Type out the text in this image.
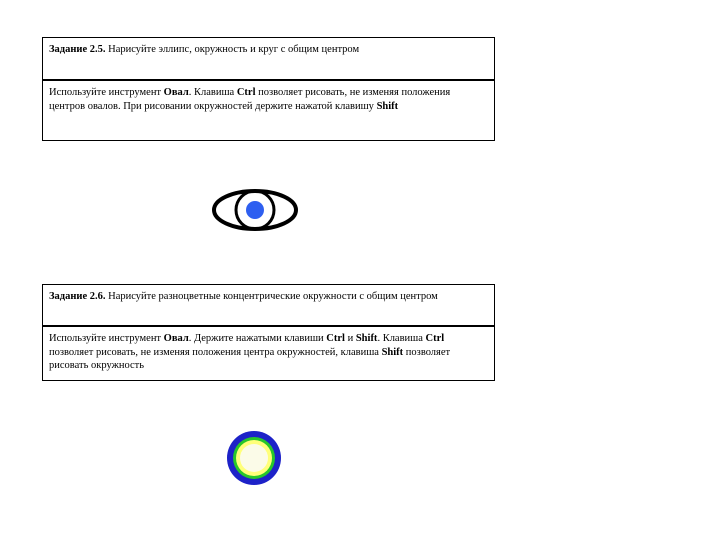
Задание 2.5. Нарисуйте эллипс, окружность и круг с общим центром
Используйте инструмент Овал. Клавиша Ctrl позволяет рисовать, не изменяя положения центров овалов. При рисовании окружностей держите нажатой клавишу Shift
Задание 2.6. Нарисуйте разноцветные концентрические окружности с общим центром
Используйте инструмент Овал. Держите нажатыми клавиши Ctrl и Shift. Клавиша Ctrl позволяет рисовать, не изменяя положения центра окружностей, клавиша Shift позволяет рисовать окружность
